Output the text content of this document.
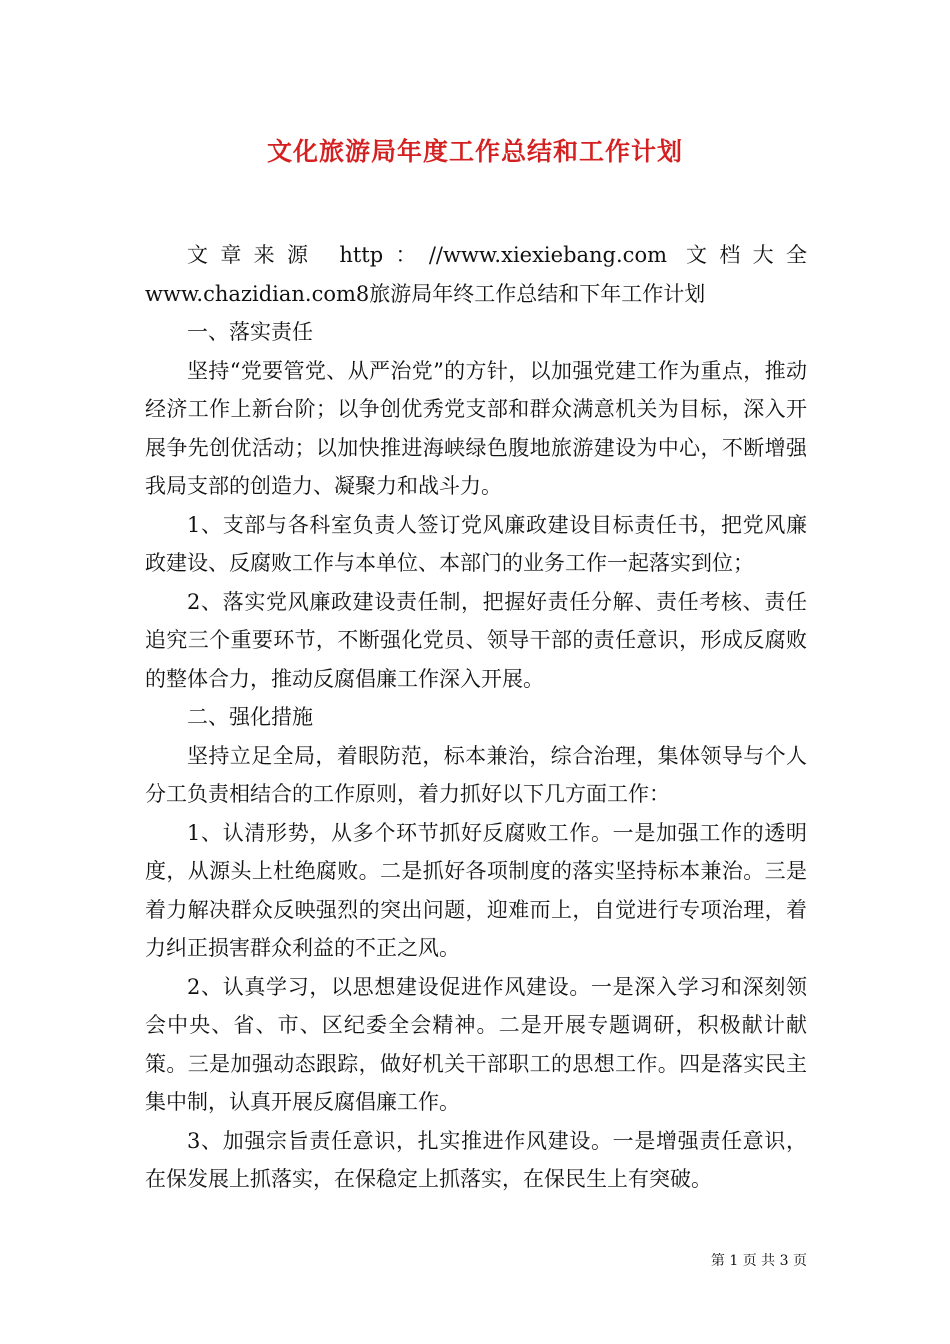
文化旅游局年度工作总结和工作计划

文章来源 http：//www.xiexiebang.com 文档大全 www.chazidian.com8旅游局年终工作总结和下年工作计划

一、落实责任

坚持“党要管党、从严治党”的方针，以加强党建工作为重点，推动经济工作上新台阶；以争创优秀党支部和群众满意机关为目标，深入开展争先创优活动；以加快推进海峡绿色腹地旅游建设为中心，不断增强我局支部的创造力、凝聚力和战斗力。

1、支部与各科室负责人签订党风廉政建设目标责任书，把党风廉政建设、反腐败工作与本单位、本部门的业务工作一起落实到位；

2、落实党风廉政建设责任制，把握好责任分解、责任考核、责任追究三个重要环节，不断强化党员、领导干部的责任意识，形成反腐败的整体合力，推动反腐倡廉工作深入开展。

二、强化措施

坚持立足全局，着眼防范，标本兼治，综合治理，集体领导与个人分工负责相结合的工作原则，着力抓好以下几方面工作：

1、认清形势，从多个环节抓好反腐败工作。一是加强工作的透明度，从源头上杜绝腐败。二是抓好各项制度的落实坚持标本兼治。三是着力解决群众反映强烈的突出问题，迎难而上，自觉进行专项治理，着力纠正损害群众利益的不正之风。

2、认真学习，以思想建设促进作风建设。一是深入学习和深刻领会中央、省、市、区纪委全会精神。二是开展专题调研，积极献计献策。三是加强动态跟踪，做好机关干部职工的思想工作。四是落实民主集中制，认真开展反腐倡廉工作。

3、加强宗旨责任意识，扎实推进作风建设。一是增强责任意识，在保发展上抓落实，在保稳定上抓落实，在保民生上有突破。

第 1 页 共 3 页
